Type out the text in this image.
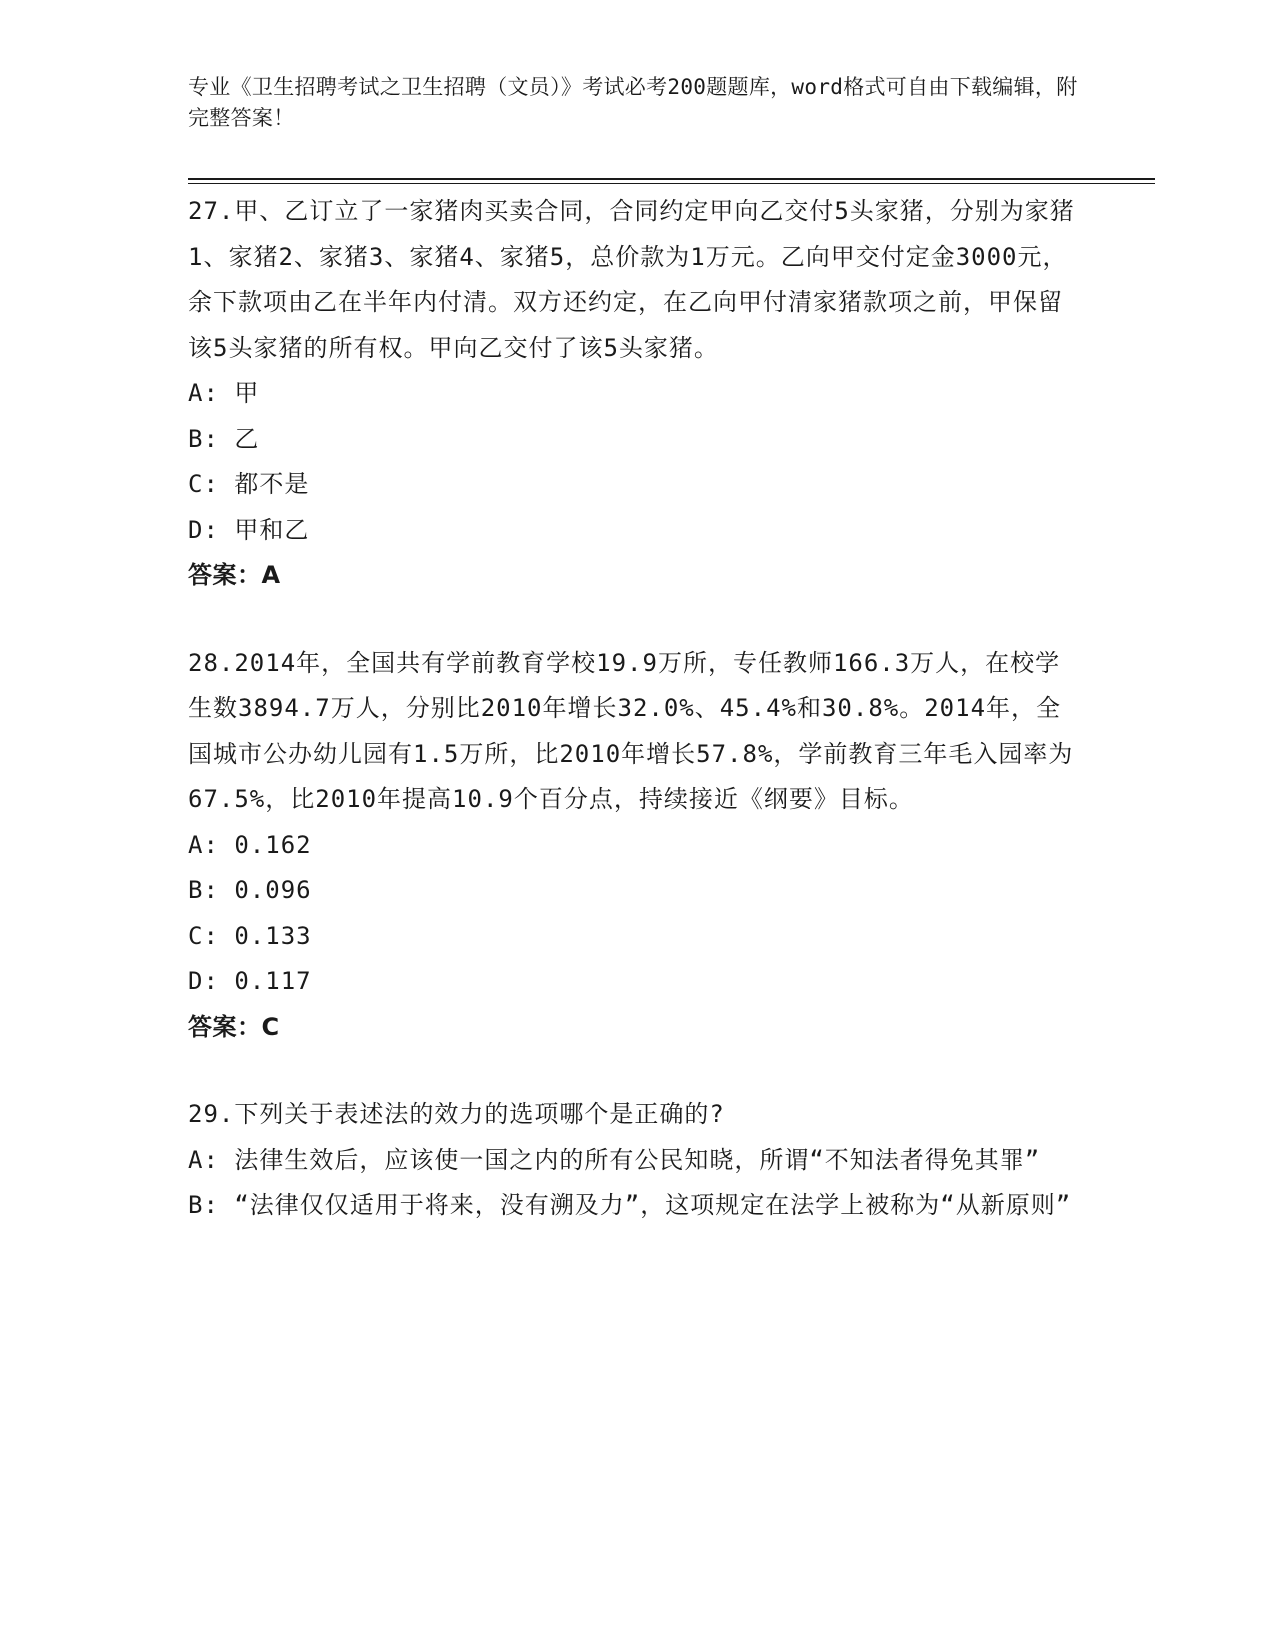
专业《卫生招聘考试之卫生招聘（文员）》考试必考200题题库，word格式可自由下载编辑，附完整答案！
27.甲、乙订立了一家猪肉买卖合同，合同约定甲向乙交付5头家猪，分别为家猪1、家猪2、家猪3、家猪4、家猪5，总价款为1万元。乙向甲交付定金3000元，余下款项由乙在半年内付清。双方还约定，在乙向甲付清家猪款项之前，甲保留该5头家猪的所有权。甲向乙交付了该5头家猪。
A: 甲
B: 乙
C: 都不是
D: 甲和乙
答案：A
28.2014年，全国共有学前教育学校19.9万所，专任教师166.3万人，在校学生数3894.7万人，分别比2010年增长32.0%、45.4%和30.8%。2014年，全国城市公办幼儿园有1.5万所，比2010年增长57.8%，学前教育三年毛入园率为67.5%，比2010年提高10.9个百分点，持续接近《纲要》目标。
A: 0.162
B: 0.096
C: 0.133
D: 0.117
答案：C
29.下列关于表述法的效力的选项哪个是正确的?
A: 法律生效后，应该使一国之内的所有公民知晓，所谓“不知法者得免其罪”
B: “法律仅仅适用于将来，没有溯及力”，这项规定在法学上被称为“从新原则”
